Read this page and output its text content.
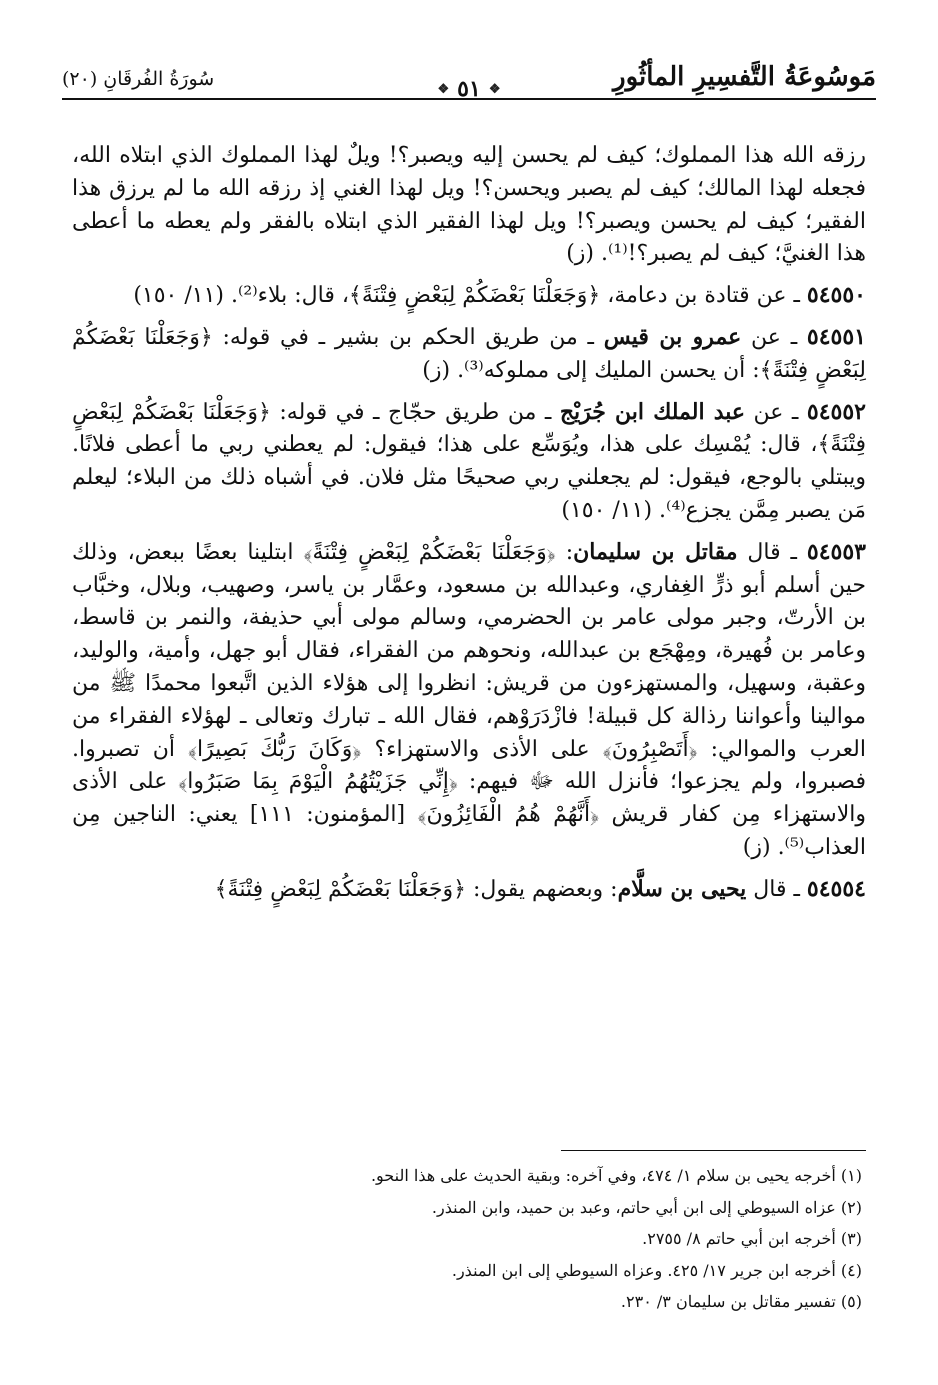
مَوسُوعَةُ التَّفسِيرِ المأثُورِ
❖
٥١
❖
سُورَةُ الفُرقَانِ (٢٠)

رزقه الله هذا المملوك؛ كيف لم يحسن إليه ويصبر؟! ويلٌ لهذا المملوك الذي ابتلاه الله، فجعله لهذا المالك؛ كيف لم يصبر ويحسن؟! ويل لهذا الغني إذ رزقه الله ما لم يرزق هذا الفقير؛ كيف لم يحسن ويصبر؟! ويل لهذا الفقير الذي ابتلاه بالفقر ولم يعطه ما أعطى هذا الغنيَّ؛ كيف لم يصبر؟!⁽¹⁾. (ز)

٥٤٥٥٠ ـ عن قتادة بن دعامة، ﴿وَجَعَلْنَا بَعْضَكُمْ لِبَعْضٍ فِتْنَةً﴾، قال: بلاء⁽²⁾. (١١/ ١٥٠)

٥٤٥٥١ ـ عن عمرو بن قيس ـ من طريق الحكم بن بشير ـ في قوله: ﴿وَجَعَلْنَا بَعْضَكُمْ لِبَعْضٍ فِتْنَةً﴾: أن يحسن المليك إلى مملوكه⁽³⁾. (ز)

٥٤٥٥٢ ـ عن عبد الملك ابن جُرَيْج ـ من طريق حجّاج ـ في قوله: ﴿وَجَعَلْنَا بَعْضَكُمْ لِبَعْضٍ فِتْنَةً﴾، قال: يُمْسِك على هذا، ويُوَسِّع على هذا؛ فيقول: لم يعطني ربي ما أعطى فلانًا. ويبتلي بالوجع، فيقول: لم يجعلني ربي صحيحًا مثل فلان. في أشباه ذلك من البلاء؛ ليعلم مَن يصبر مِمَّن يجزع⁽⁴⁾. (١١/ ١٥٠)

٥٤٥٥٣ ـ قال مقاتل بن سليمان: ﴿وَجَعَلْنَا بَعْضَكُمْ لِبَعْضٍ فِتْنَةً﴾ ابتلينا بعضًا ببعض، وذلك حين أسلم أبو ذرٍّ الغِفاري، وعبدالله بن مسعود، وعمَّار بن ياسر، وصهيب، وبلال، وخبَّاب بن الأرتّ، وجبر مولى عامر بن الحضرمي، وسالم مولى أبي حذيفة، والنمر بن قاسط، وعامر بن فُهيرة، ومِهْجَع بن عبدالله، ونحوهم من الفقراء، فقال أبو جهل، وأمية، والوليد، وعقبة، وسهيل، والمستهزءون من قريش: انظروا إلى هؤلاء الذين اتَّبعوا محمدًا ﷺ من موالينا وأعواننا رذالة كل قبيلة! فازْدَرَوْهم، فقال الله ـ تبارك وتعالى ـ لهؤلاء الفقراء من العرب والموالي: ﴿أَتَصْبِرُونَ﴾ على الأذى والاستهزاء؟ ﴿وَكَانَ رَبُّكَ بَصِيرًا﴾ أن تصبروا. فصبروا، ولم يجزعوا؛ فأنزل الله ﷻ فيهم: ﴿إِنِّي جَزَيْتُهُمُ الْيَوْمَ بِمَا صَبَرُوا﴾ على الأذى والاستهزاء مِن كفار قريش ﴿أَنَّهُمْ هُمُ الْفَائِزُونَ﴾ [المؤمنون: ١١١] يعني: الناجين مِن العذاب⁽⁵⁾. (ز)

٥٤٥٥٤ ـ قال يحيى بن سلَّام: وبعضهم يقول: ﴿وَجَعَلْنَا بَعْضَكُمْ لِبَعْضٍ فِتْنَةً﴾

(١) أخرجه يحيى بن سلام ١/ ٤٧٤، وفي آخره: وبقية الحديث على هذا النحو.

(٢) عزاه السيوطي إلى ابن أبي حاتم، وعبد بن حميد، وابن المنذر.

(٣) أخرجه ابن أبي حاتم ٨/ ٢٧٥٥.

(٤) أخرجه ابن جرير ١٧/ ٤٢٥. وعزاه السيوطي إلى ابن المنذر.

(٥) تفسير مقاتل بن سليمان ٣/ ٢٣٠.
